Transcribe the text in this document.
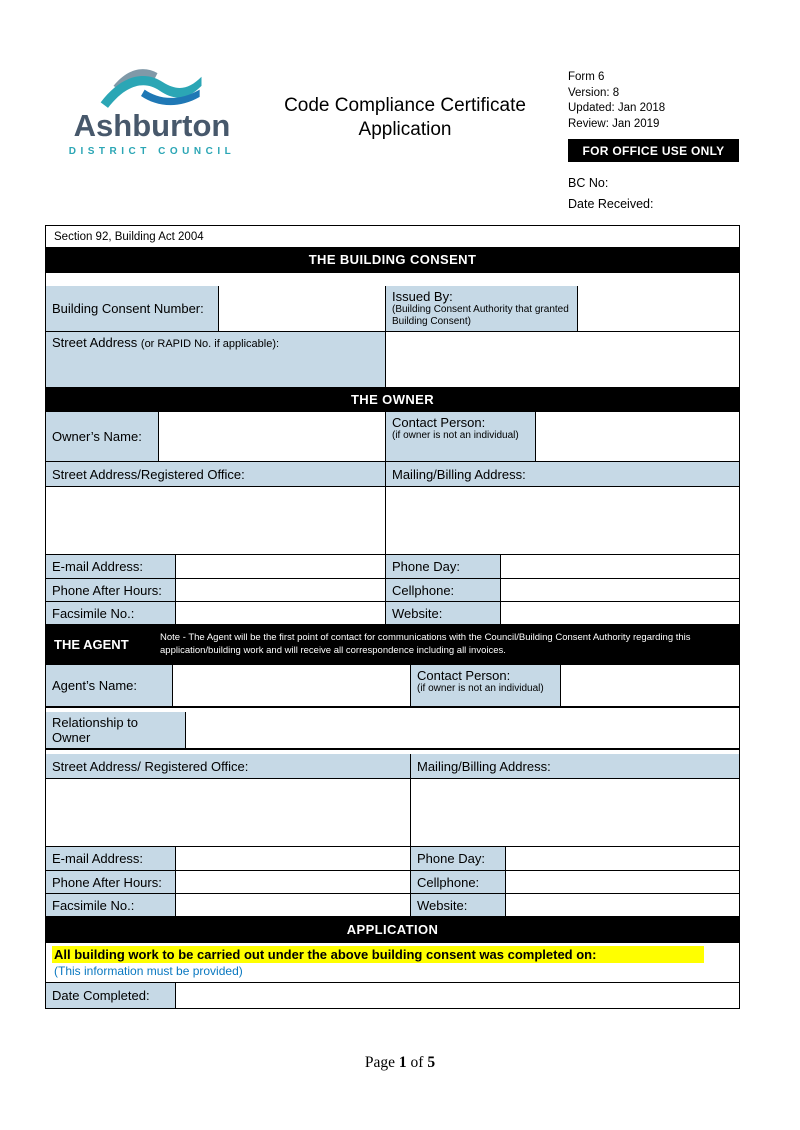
Ashburton
DISTRICT COUNCIL
Code Compliance Certificate
Application
Form 6
Version: 8
Updated: Jan 2018
Review: Jan 2019
FOR OFFICE USE ONLY
BC No:
Date Received:
Section 92, Building Act 2004
THE BUILDING CONSENT
Building Consent Number:
Issued By:
(Building Consent Authority that granted Building Consent)
Street Address (or RAPID No. if applicable):
THE OWNER
Owner’s Name:
Contact Person:
(if owner is not an individual)
Street Address/Registered Office:	Mailing/Billing Address:
E-mail Address:	Phone Day:
Phone After Hours:	Cellphone:
Facsimile No.:	Website:
THE AGENT	Note - The Agent will be the first point of contact for communications with the Council/Building Consent Authority regarding this application/building work and will receive all correspondence including all invoices.
Agent’s Name:
Contact Person:
(if owner is not an individual)
Relationship to Owner
Street Address/ Registered Office:	Mailing/Billing Address:
E-mail Address:	Phone Day:
Phone After Hours:	Cellphone:
Facsimile No.:	Website:
APPLICATION
All building work to be carried out under the above building consent was completed on:
(This information must be provided)
Date Completed:
Page 1 of 5
